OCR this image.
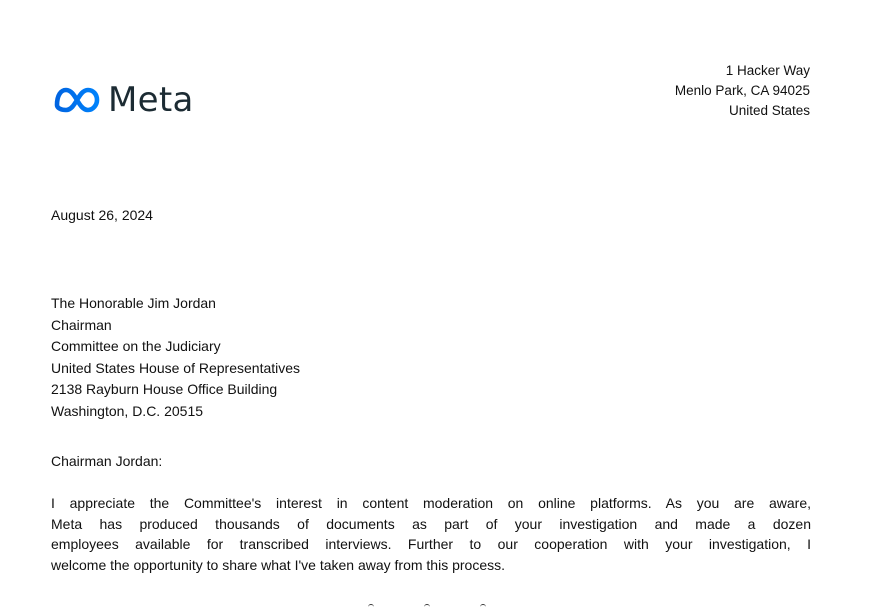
Meta
1 Hacker Way
Menlo Park, CA 94025
United States
August 26, 2024
The Honorable Jim Jordan
Chairman
Committee on the Judiciary
United States House of Representatives
2138 Rayburn House Office Building
Washington, D.C. 20515
Chairman Jordan:
I appreciate the Committee's interest in content moderation on online platforms. As you are aware,
Meta has produced thousands of documents as part of your investigation and made a dozen
employees available for transcribed interviews. Further to our cooperation with your investigation, I
welcome the opportunity to share what I've taken away from this process.
